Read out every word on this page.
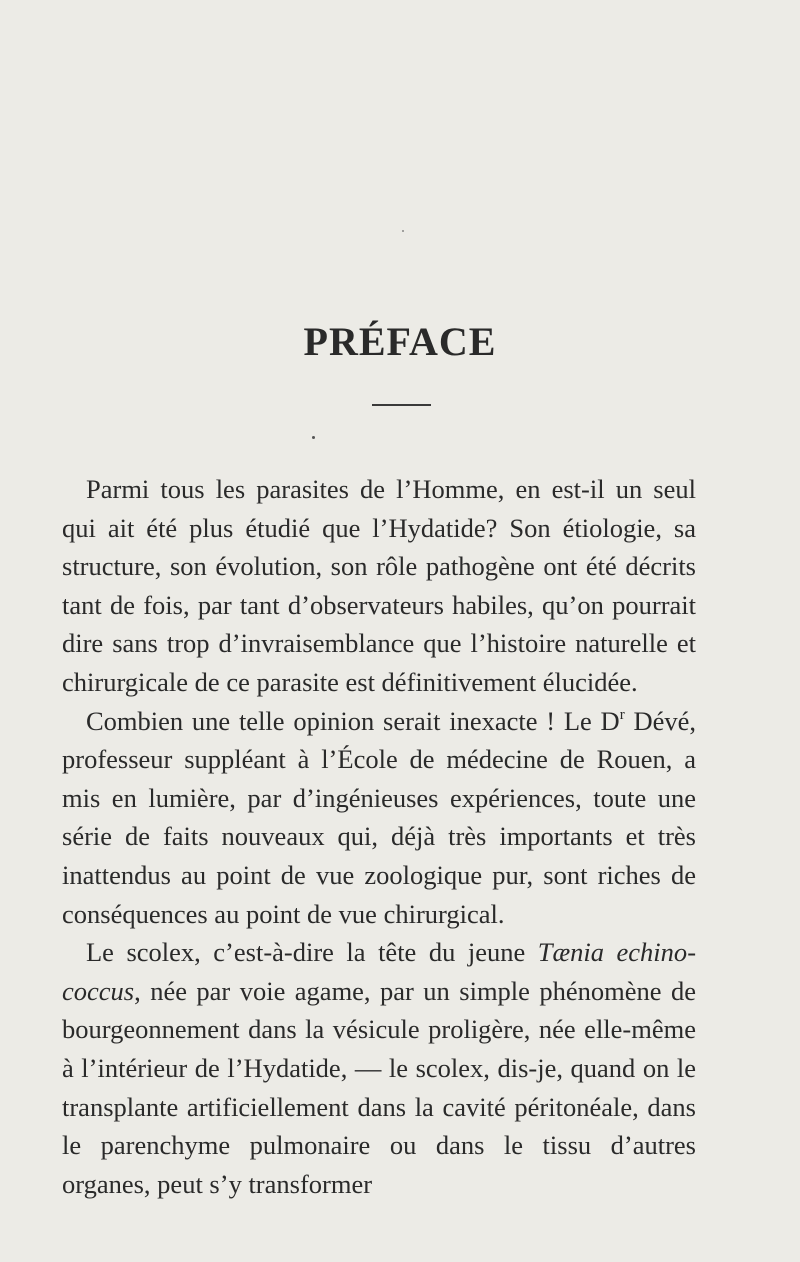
PRÉFACE

Parmi tous les parasites de l’Homme, en est-il un seul qui ait été plus étudié que l’Hydatide? Son étiologie, sa structure, son évolution, son rôle pathogène ont été décrits tant de fois, par tant d’observateurs habiles, qu’on pourrait dire sans trop d’invraisemblance que l’histoire naturelle et chirurgicale de ce parasite est définitivement élucidée.

Combien une telle opinion serait inexacte ! Le $D^r$ Dévé, professeur suppléant à l’École de médecine de Rouen, a mis en lumière, par d’ingénieuses expériences, toute une série de faits nouveaux qui, déjà très importants et très inattendus au point de vue zoologique pur, sont riches de conséquences au point de vue chirurgical.

Le scolex, c’est-à-dire la tête du jeune Tænia echinococcus, née par voie agame, par un simple phénomène de bourgeonnement dans la vésicule proligère, née elle-même à l’intérieur de l’Hydatide, — le scolex, dis-je, quand on le transplante artificiellement dans la cavité péritonéale, dans le parenchyme pulmonaire ou dans le tissu d’autres organes, peut s’y transformer
